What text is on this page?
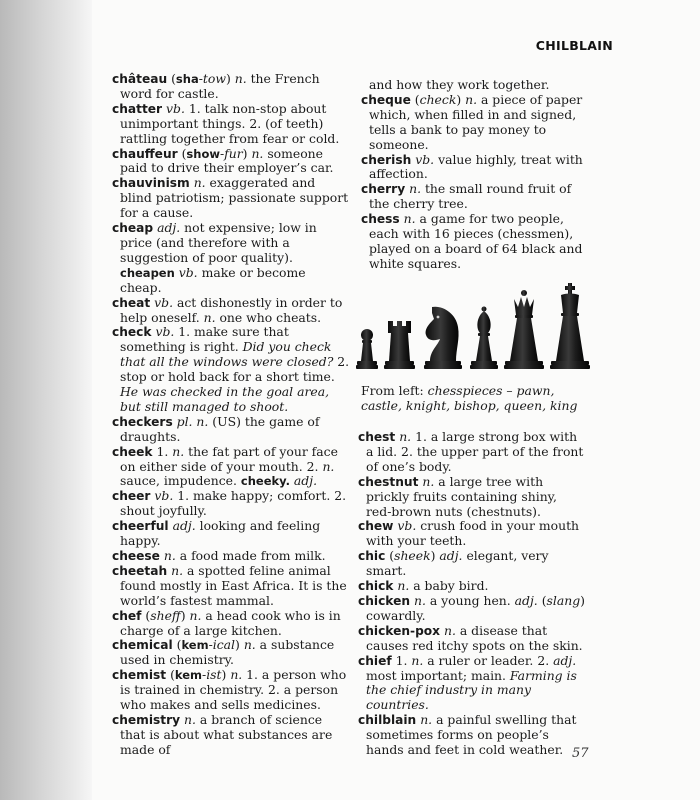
CHILBLAIN

château (sha-tow) n. the French word for castle.

chatter vb. 1. talk non-stop about unimportant things. 2. (of teeth) rattling together from fear or cold.

chauffeur (show-fur) n. someone paid to drive their employer’s car.

chauvinism n. exaggerated and blind patriotism; passionate support for a cause.

cheap adj. not expensive; low in price (and therefore with a suggestion of poor quality). cheapen vb. make or become cheap.

cheat vb. act dishonestly in order to help oneself. n. one who cheats.

check vb. 1. make sure that something is right. Did you check that all the windows were closed? 2. stop or hold back for a short time. He was checked in the goal area, but still managed to shoot.

checkers pl. n. (US) the game of draughts.

cheek 1. n. the fat part of your face on either side of your mouth. 2. n. sauce, impudence. cheeky. adj.

cheer vb. 1. make happy; comfort. 2. shout joyfully.

cheerful adj. looking and feeling happy.

cheese n. a food made from milk.

cheetah n. a spotted feline animal found mostly in East Africa. It is the world’s fastest mammal.

chef (sheff) n. a head cook who is in charge of a large kitchen.

chemical (kem-ical) n. a substance used in chemistry.

chemist (kem-ist) n. 1. a person who is trained in chemistry. 2. a person who makes and sells medicines.

chemistry n. a branch of science that is about what substances are made of

and how they work together.

cheque (check) n. a piece of paper which, when filled in and signed, tells a bank to pay money to someone.

cherish vb. value highly, treat with affection.

cherry n. the small round fruit of the cherry tree.

chess n. a game for two people, each with 16 pieces (chessmen), played on a board of 64 black and white squares.

From left: chesspieces – pawn, castle, knight, bishop, queen, king

chest n. 1. a large strong box with a lid. 2. the upper part of the front of one’s body.

chestnut n. a large tree with prickly fruits containing shiny, red-brown nuts (chestnuts).

chew vb. crush food in your mouth with your teeth.

chic (sheek) adj. elegant, very smart.

chick n. a baby bird.

chicken n. a young hen. adj. (slang) cowardly.

chicken-pox n. a disease that causes red itchy spots on the skin.

chief 1. n. a ruler or leader. 2. adj. most important; main. Farming is the chief industry in many countries.

chilblain n. a painful swelling that sometimes forms on people’s hands and feet in cold weather. 57
